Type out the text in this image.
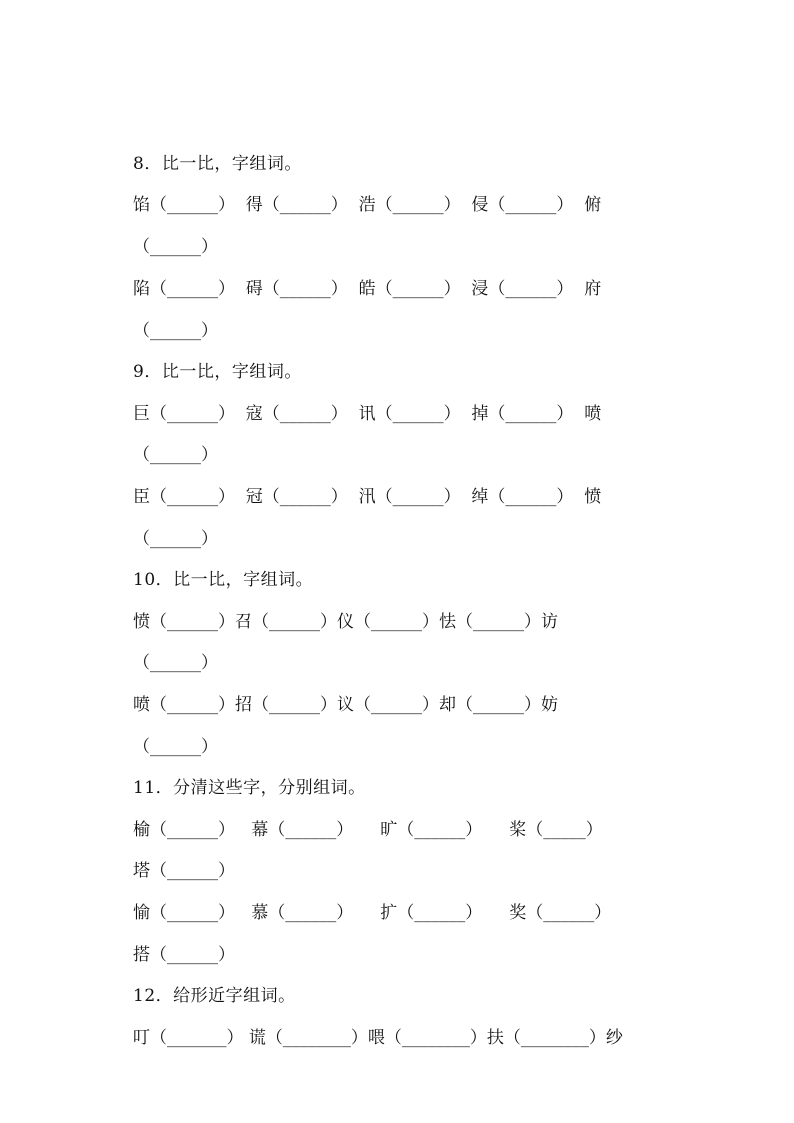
8．比一比，字组词。
馅（______）  得（______）  浩（______）  侵（______）  俯
（______）
陷（______）  碍（______）  皓（______）  浸（______）  府
（______）
9．比一比，字组词。
巨（______）  寇（______）  讯（______）  掉（______）  喷
（______）
臣（______）  冠（______）  汛（______）  绰（______）  愤
（______）
10．比一比，字组词。
愤（______）召（______）仪（______）怯（______）访
（______）
喷（______）招（______）议（______）却（______）妨
（______）
11．分清这些字，分别组词。
榆（______）   幕（______）     旷（______）     桨（_____）
塔（______）
愉（______）   慕（______）     扩（______）     奖（______）
搭（______）
12．给形近字组词。
叮（_______） 谎（________）喂（________）扶（________）纱
